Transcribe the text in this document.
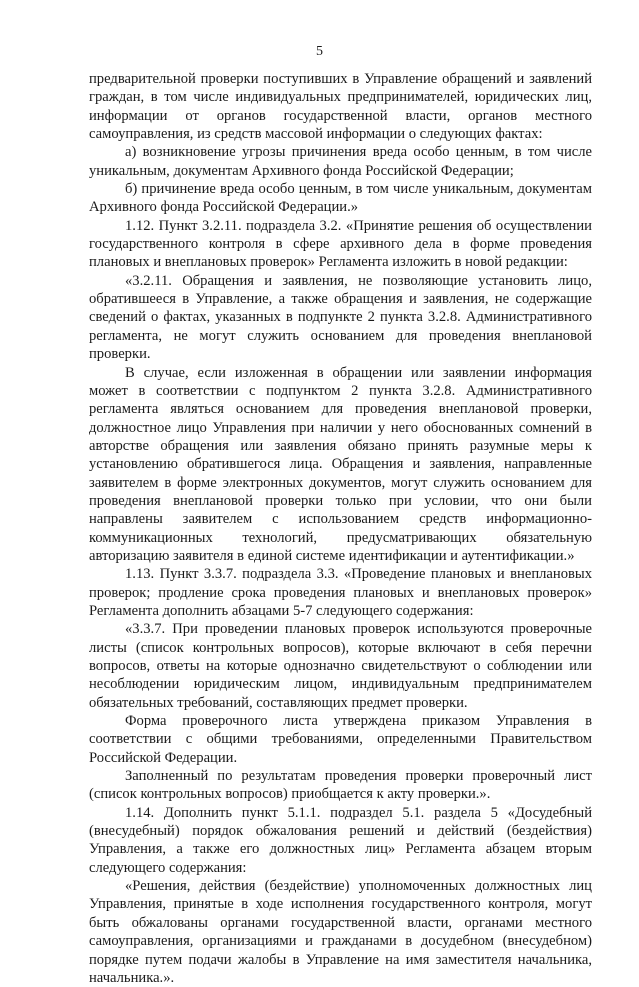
5

предварительной проверки поступивших в Управление обращений и заявлений граждан, в том числе индивидуальных предпринимателей, юридических лиц, информации от органов государственной власти, органов местного самоуправления, из средств массовой информации о следующих фактах:

а) возникновение угрозы причинения вреда особо ценным, в том числе уникальным, документам Архивного фонда Российской Федерации;

б) причинение вреда особо ценным, в том числе уникальным, документам Архивного фонда Российской Федерации.»

1.12. Пункт 3.2.11. подраздела 3.2. «Принятие решения об осуществлении государственного контроля в сфере архивного дела в форме проведения плановых и внеплановых проверок» Регламента изложить в новой редакции:

«3.2.11. Обращения и заявления, не позволяющие установить лицо, обратившееся в Управление, а также обращения и заявления, не содержащие сведений о фактах, указанных в подпункте 2 пункта 3.2.8. Административного регламента, не могут служить основанием для проведения внеплановой проверки.

В случае, если изложенная в обращении или заявлении информация может в соответствии с подпунктом 2 пункта 3.2.8. Административного регламента являться основанием для проведения внеплановой проверки, должностное лицо Управления при наличии у него обоснованных сомнений в авторстве обращения или заявления обязано принять разумные меры к установлению обратившегося лица. Обращения и заявления, направленные заявителем в форме электронных документов, могут служить основанием для проведения внеплановой проверки только при условии, что они были направлены заявителем с использованием средств информационно-коммуникационных технологий, предусматривающих обязательную авторизацию заявителя в единой системе идентификации и аутентификации.»

1.13. Пункт 3.3.7. подраздела 3.3. «Проведение плановых и внеплановых проверок; продление срока проведения плановых и внеплановых проверок» Регламента дополнить абзацами 5-7 следующего содержания:

«3.3.7. При проведении плановых проверок используются проверочные листы (список контрольных вопросов), которые включают в себя перечни вопросов, ответы на которые однозначно свидетельствуют о соблюдении или несоблюдении юридическим лицом, индивидуальным предпринимателем обязательных требований, составляющих предмет проверки.

Форма проверочного листа утверждена приказом Управления в соответствии с общими требованиями, определенными Правительством Российской Федерации.

Заполненный по результатам проведения проверки проверочный лист (список контрольных вопросов) приобщается к акту проверки.».

1.14. Дополнить пункт 5.1.1. подраздел 5.1. раздела 5 «Досудебный (внесудебный) порядок обжалования решений и действий (бездействия) Управления, а также его должностных лиц» Регламента абзацем вторым следующего содержания:

«Решения, действия (бездействие) уполномоченных должностных лиц Управления, принятые в ходе исполнения государственного контроля, могут быть обжалованы органами государственной власти, органами местного самоуправления, организациями и гражданами в досудебном (внесудебном) порядке путем подачи жалобы в Управление на имя заместителя начальника, начальника.».
